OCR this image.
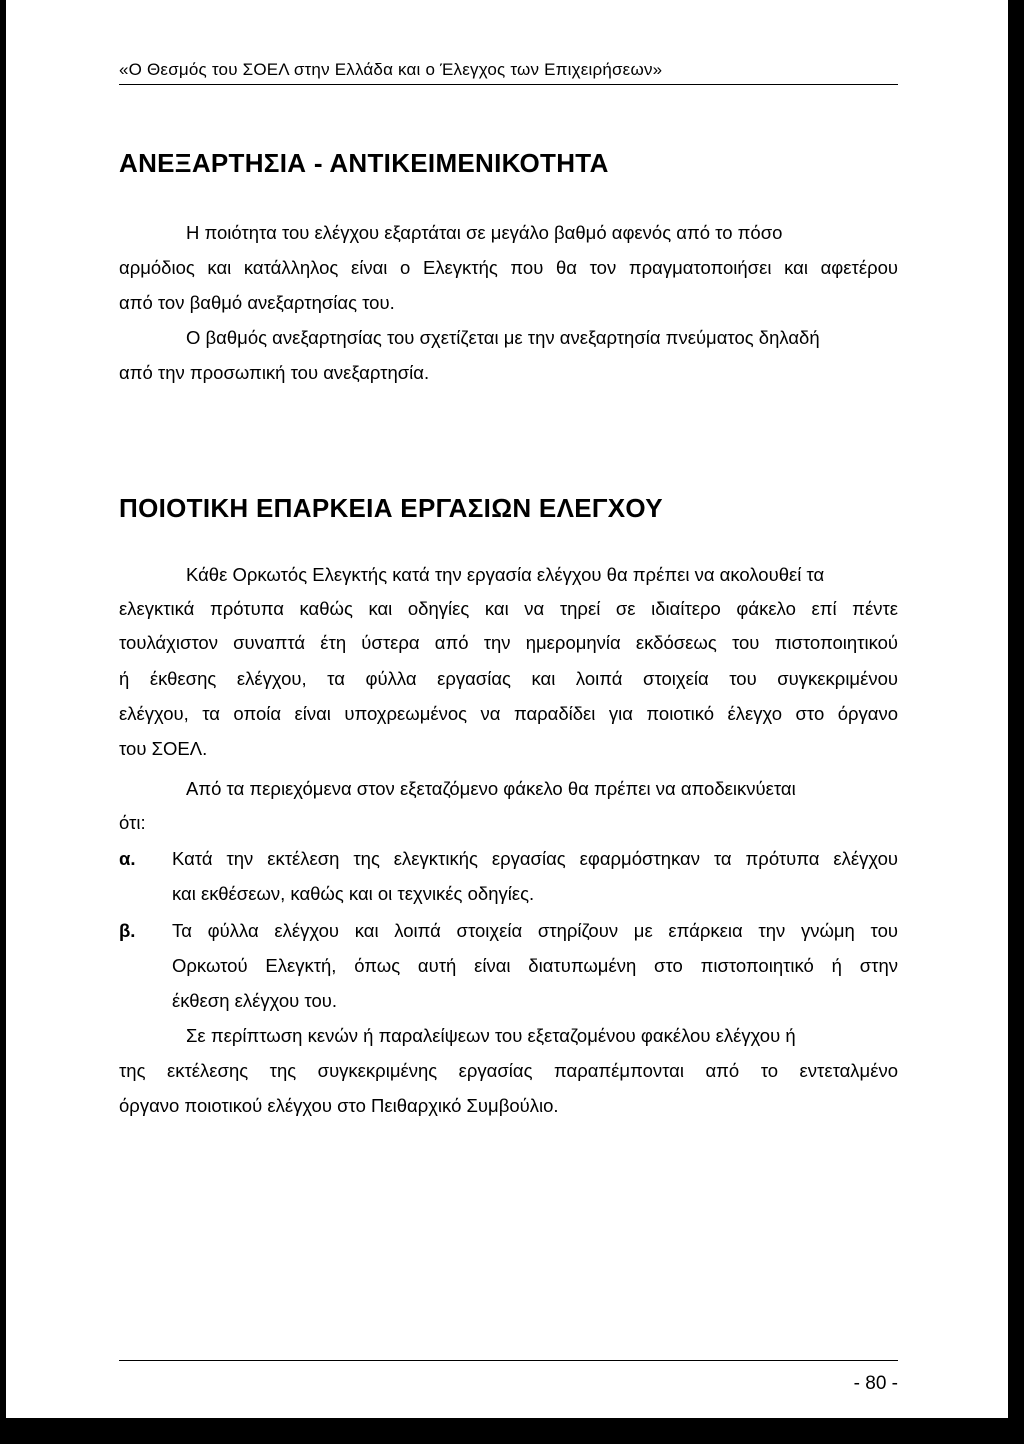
«Ο Θεσμός του ΣΟΕΛ στην Ελλάδα και ο Έλεγχος των Επιχειρήσεων»
ΑΝΕΞΑΡΤΗΣΙΑ - ΑΝΤΙΚΕΙΜΕΝΙΚΟΤΗΤΑ
Η ποιότητα του ελέγχου εξαρτάται σε μεγάλο βαθμό αφενός από το πόσο
αρμόδιος και κατάλληλος είναι ο Ελεγκτής που θα τον πραγματοποιήσει και αφετέρου
από τον βαθμό ανεξαρτησίας του.
Ο βαθμός ανεξαρτησίας του σχετίζεται με την ανεξαρτησία πνεύματος δηλαδή
από την προσωπική του ανεξαρτησία.
ΠΟΙΟΤΙΚΗ ΕΠΑΡΚΕΙΑ ΕΡΓΑΣΙΩΝ ΕΛΕΓΧΟΥ
Κάθε Ορκωτός Ελεγκτής κατά την εργασία ελέγχου θα πρέπει να ακολουθεί τα
ελεγκτικά πρότυπα καθώς και οδηγίες και να τηρεί σε ιδιαίτερο φάκελο επί πέντε
τουλάχιστον συναπτά έτη ύστερα από την ημερομηνία εκδόσεως του πιστοποιητικού
ή έκθεσης ελέγχου, τα φύλλα εργασίας και λοιπά στοιχεία του συγκεκριμένου
ελέγχου, τα οποία είναι υποχρεωμένος να παραδίδει για ποιοτικό έλεγχο στο όργανο
του ΣΟΕΛ.
Από τα περιεχόμενα στον εξεταζόμενο φάκελο θα πρέπει να αποδεικνύεται
ότι:
α. Κατά την εκτέλεση της ελεγκτικής εργασίας εφαρμόστηκαν τα πρότυπα ελέγχου
και εκθέσεων, καθώς και οι τεχνικές οδηγίες.
β. Τα φύλλα ελέγχου και λοιπά στοιχεία στηρίζουν με επάρκεια την γνώμη του
Ορκωτού Ελεγκτή, όπως αυτή είναι διατυπωμένη στο πιστοποιητικό ή στην
έκθεση ελέγχου του.
Σε περίπτωση κενών ή παραλείψεων του εξεταζομένου φακέλου ελέγχου ή
της εκτέλεσης της συγκεκριμένης εργασίας παραπέμπονται από το εντεταλμένο
όργανο ποιοτικού ελέγχου στο Πειθαρχικό Συμβούλιο.
- 80 -
